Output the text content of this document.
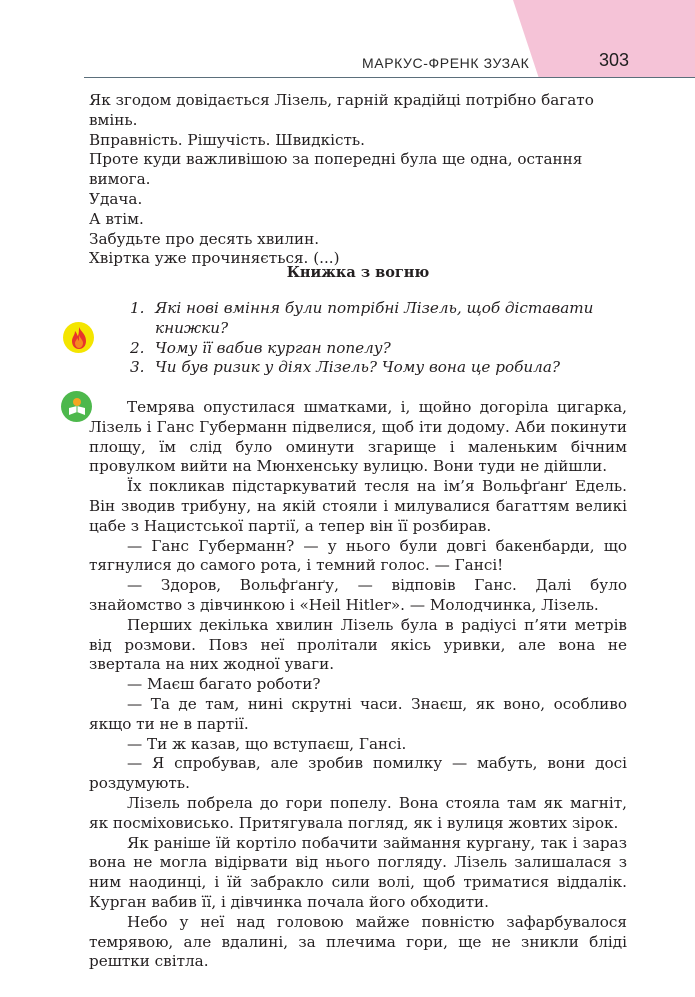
МАРКУС-ФРЕНК ЗУЗАК	303

Як згодом довідається Лізель, гарній крадійці потрібно багато вмінь.

Вправність. Рішучість. Швидкість.

Проте куди важливішою за попередні була ще одна, остання вимога.

Удача.

А втім.

Забудьте про десять хвилин.

Хвіртка уже прочиняється. (...)

Книжка з вогню
1. Які нові вміння були потрібні Лізель, щоб діставати книжки?
2. Чому її вабив курган попелу?
3. Чи був ризик у діях Лізель? Чому вона це робила?

Темрява опустилася шматками, і, щойно догоріла цигарка, Лізель і Ганс Губерманн підвелися, щоб іти додому. Аби покинути площу, їм слід було оминути згарище і маленьким бічним провулком вийти на Мюнхенську вулицю. Вони туди не дійшли.

Їх покликав підстаркуватий тесля на ім’я Вольфґанґ Едель. Він зводив трибуну, на якій стояли і милувалися багаттям великі цабе з Нацистської партії, а тепер він її розбирав.

— Ганс Губерманн? — у нього були довгі бакенбарди, що тягнулися до самого рота, і темний голос. — Гансі!

— Здоров, Вольфґанґу, — відповів Ганс. Далі було знайомство з дівчинкою і «Heil Hitler». — Молодчинка, Лізель.

Перших декілька хвилин Лізель була в радіусі п’яти метрів від розмови. Повз неї пролітали якісь уривки, але вона не звертала на них жодної уваги.

— Маєш багато роботи?

— Та де там, нині скрутні часи. Знаєш, як воно, особливо якщо ти не в партії.

— Ти ж казав, що вступаєш, Гансі.

— Я спробував, але зробив помилку — мабуть, вони досі роздумують.

Лізель побрела до гори попелу. Вона стояла там як магніт, як посміховисько. Притягувала погляд, як і вулиця жовтих зірок.

Як раніше їй кортіло побачити займання кургану, так і зараз вона не могла відірвати від нього погляду. Лізель залишалася з ним наодинці, і їй забракло сили волі, щоб триматися віддалік. Курган вабив її, і дівчинка почала його обходити.

Небо у неї над головою майже повністю зафарбувалося темрявою, але вдалині, за плечима гори, ще не зникли бліді рештки світла.
